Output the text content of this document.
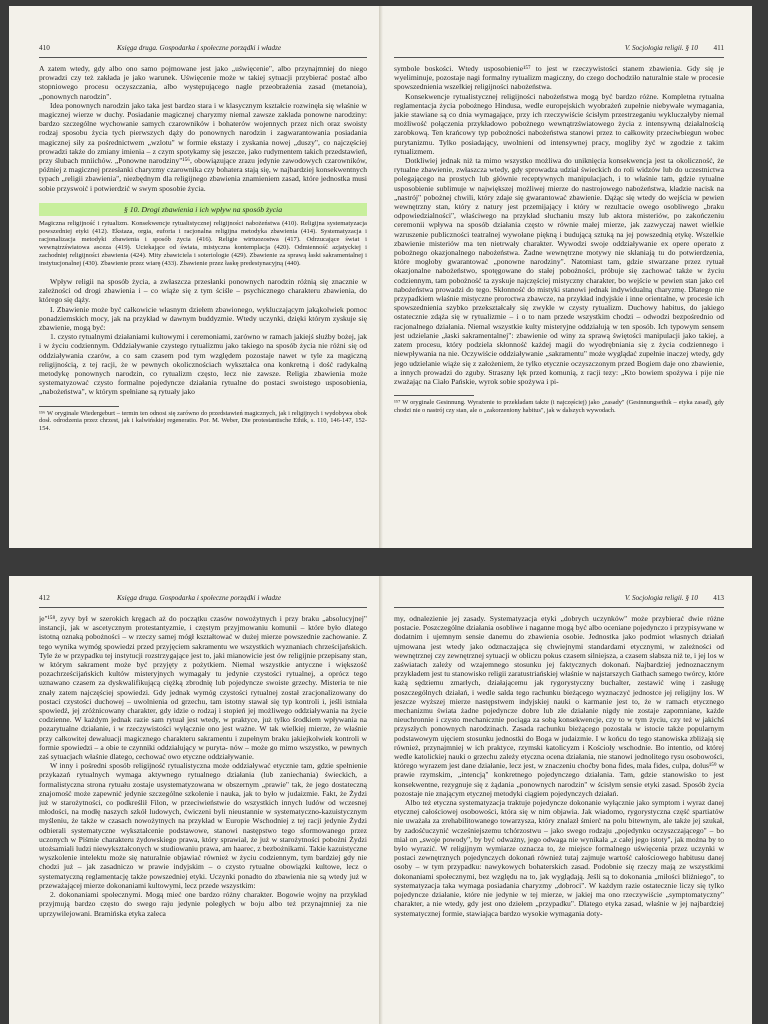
410	Księga druga. Gospodarka i społeczne porządki i władze

A zatem wtedy, gdy albo ono samo pojmowane jest jako „uświęcenie", albo przynajmniej do niego prowadzi czy też zakłada je jako warunek. Uświęcenie może w takiej sytuacji przybierać postać albo stopniowego procesu oczyszczania, albo występującego nagle przeobrażenia zasad (metanoia), „ponownych narodzin".

Idea ponownych narodzin jako taka jest bardzo stara i w klasycznym kształcie rozwinęła się właśnie w magicznej wierze w duchy. Posiadanie magicznej charyzmy niemal zawsze zakłada ponowne narodziny: bardzo szczególne wychowanie samych czarowników i bohaterów wojennych przez nich oraz swoisty rodzaj sposobu życia tych pierwszych dąży do ponownych narodzin i zagwarantowania posiadania magicznej siły za pośrednictwem „wzlotu" w formie ekstazy i zyskania nowej „duszy", co najczęściej prowadzi także do zmiany imienia – z czym spotykamy się jeszcze, jako rudymentem takich przedstawień, przy ślubach mniichów. „Ponowne narodziny"¹⁵⁶, obowiązujące zrazu jedynie zawodowych czarowników, później z magicznej przesłanki charyzmy czarownika czy bohatera stają się, w najbardziej konsekwentnych typach „religii zbawienia", niezbędnym dla religijnego zbawienia znamieniem zasad, które jednostka musi sobie przyswoić i potwierdzić w swym sposobie życia.

§ 10. Drogi zbawienia i ich wpływ na sposób życia
Magiczna religijność i rytualizm. Konsekwencje rytualistycznej religijności nabożeństwa (410). Religijna systematyzacja powszedniej etyki (412). Ekstaza, orgia, euforia i racjonalna religijna metodyka zbawienia (414). Systematyzacja i racjonalizacja metodyki zbawienia i sposób życia (416). Religie wirtuozostwa (417). Odrzucające świat i wewnątrzświatowa asceza (419). Uciekające od świata, mistyczna kontemplacja (420). Odmienność azjatyckiej i zachodniej religijności zbawienia (424). Mity zbawiciela i soteriologie (429). Zbawienie za sprawą łaski sakramentalnej i instytucjonalnej (430). Zbawienie przez wiarę (433). Zbawienie przez łaskę predestynacyjną (440).

Wpływ religii na sposób życia, a zwłaszcza przesłanki ponownych narodzin różnią się znacznie w zależności od drogi zbawienia i – co wiąże się z tym ściśle – psychicznego charakteru zbawienia, do którego się dąży.

I. Zbawienie może być całkowicie własnym dziełem zbawionego, wykluczającym jakąkolwiek pomoc ponadziemskich mocy, jak na przykład w dawnym buddyzmie. Wtedy uczynki, dzięki którym zyskuje się zbawienie, mogą być:

1. czysto rytualnymi działaniami kultowymi i ceremoniami, zarówno w ramach jakiejś służby bożej, jak i w życiu codziennym. Oddziaływanie czystego rytualizmu jako takiego na sposób życia nie różni się od oddziaływania czarów, a co sam czasem pod tym względem pozostaje nawet w tyle za magiczną religijnością, z tej racji, że w pewnych okolicznościach wykształca ona konkretną i dość radykalną metodykę ponownych narodzin, co rytualizm często, lecz nie zawsze. Religia zbawienia może systematyzować czysto formalne pojedyncze działania rytualne do postaci swoistego usposobienia, „nabożeństwa", w którym spełniane są rytuały jako

¹⁵⁶ W oryginale Wiedergeburt – termin ten odnosi się zarówno do przedstawień magicznych, jak i religijnych i wydobywa obok dosł. odrodzenia przez chrzest, jak i kalwińskiej regeneratio. Por. M. Weber, Die protestantische Ethik, s. 110, 146-147, 152-154.
V. Socjologia religii. § 10 411

symbole boskości. Wtedy usposobienie¹⁵⁷ to jest w rzeczywistości stanem zbawienia. Gdy się je wyeliminuje, pozostaje nagi formalny rytualizm magiczny, do czego dochodziło naturalnie stale w procesie spowszednienia wszelkiej religijności nabożeństwa.

Konsekwencje rytualistycznej religijności nabożeństwa mogą być bardzo różne. Kompletna rytualna reglamentacja życia pobożnego Hindusa, wedle europejskich wyobrażeń zupełnie niebywałe wymagania, jakie stawiane są co dnia wymagające, przy ich rzeczywiście ścisłym przestrzeganiu wykluczałyby niemal możliwość połączenia przykładowo pobożnego wewnątrzświatowego życia z intensywną działalnością zarobkową. Ten krańcowy typ pobożności nabożeństwa stanowi przez to całkowity przeciwbiegun wobec purytanizmu. Tylko posiadający, uwolnieni od intensywnej pracy, mogliby żyć w zgodzie z takim rytualizmem.

Dotkliwiej jednak niż ta mimo wszystko możliwa do uniknięcia konsekwencja jest ta okoliczność, że rytualne zbawienie, zwłaszcza wtedy, gdy sprowadza udział świeckich do roli widzów lub do uczestnictwa polegającego na prostych lub głównie receptywnych manipulacjach, i to właśnie tam, gdzie rytualne usposobienie sublimuje w największej możliwej mierze do nastrojowego nabożeństwa, kładzie nacisk na „nastrój" pobożnej chwili, który zdaje się gwarantować zbawienie. Dążąc się wtedy do wejścia w pewien wewnętrzny stan, który z natury jest przemijający i który w rezultacie owego osobliwego „braku odpowiedzialności", właściwego na przykład słuchaniu mszy lub aktora misteriów, po zakończeniu ceremonii wpływa na sposób działania często w równie małej mierze, jak zazwyczaj nawet wielkie wzruszenie publiczności teatralnej wywołane piękną i budującą sztuką na jej powszednią etykę. Wszelkie zbawienie misteriów ma ten nietrwały charakter. Wywodzi swoje oddziaływanie ex opere operato z pobożnego okazjonalnego nabożeństwa. Żadne wewnętrzne motywy nie skłaniają tu do potwierdzenia, które mogłoby gwarantować „ponowne narodziny". Natomiast tam, gdzie stwarzane przez rytuał okazjonalne nabożeństwo, spotęgowane do stałej pobożności, próbuje się zachować także w życiu codziennym, tam pobożność ta zyskuje najczęściej mistyczny charakter, bo wejście w pewien stan jako cel nabożeństwa prowadzi do tego. Skłonność do mistyki stanowi jednak indywidualną charyzmę. Dlatego nie przypadkiem właśnie mistyczne proroctwa zbawcze, na przykład indyjskie i inne orientalne, w procesie ich spowszednienia szybko przekształcały się zwykle w czysty rytualizm. Duchowy habitus, do jakiego ostatecznie zdąża się w rytualizmie – i o to nam przede wszystkim chodzi – odwodzi bezpośrednio od racjonalnego działania. Niemal wszystkie kulty misteryjne oddziałują w ten sposób. Ich typowym sensem jest udzielanie „łaski sakramentalnej": zbawienie od winy za sprawą świętości manipulacji jako takiej, a zatem procesu, który podziela skłonność każdej magii do wyodrębniania się z życia codziennego i niewpływania na nie. Oczywiście oddziaływanie „sakramentu" może wyglądać zupełnie inaczej wtedy, gdy jego udzielanie wiąże się z założeniem, że tylko etycznie oczyszczonym przed Bogiem daje ono zbawienie, a innych prowadzi do zguby. Straszny lęk przed komunią, z racji tezy: „Kto bowiem spożywa i pije nie zważając na Ciało Pańskie, wyrok sobie spożywa i pi-

¹⁵⁷ W oryginale Gesinnung. Wyrażenie to przekładam także (i najczęściej) jako „zasady" (Gesinnungsethik – etyka zasad), gdy chodzi nie o nastrój czy stan, ale o „zakorzeniony habitus", jak w dalszych wywodach.
412	Księga druga. Gospodarka i społeczne porządki i władze

je"¹⁵⁸, zyvy był w szerokich kręgach aż do początku czasów nowożytnych i przy braku „absolucyjnej" instancji, jak w ascetycznym protestantyzmie, i częstym przyjmowaniu komunii – które było dlatego istotną oznaką pobożności – w rzeczy samej mógł kształtować w dużej mierze powszednie zachowanie. Z tego wynika wymóg spowiedzi przed przyjęciem sakramentu we wszystkich wyznaniach chrześcijańskich. Tyle że w przypadku tej instytucji rozstrzygające jest to, jaki mianowicie jest ów religijnie przepisany stan, w którym sakrament może być przyjęty z pożytkiem. Niemal wszystkie antyczne i większość pozachrześcijańskich kultów misteryjnych wymagały tu jedynie czystości rytualnej, a oprócz tego uznawano czasem za dyskwalifikującą ciężką zbrodnię lub pojedyncze swoiste grzechy. Misteria te nie znały zatem najczęściej spowiedzi. Gdy jednak wymóg czystości rytualnej został zracjonalizowany do postaci czystości duchowej – uwolnienia od grzechu, tam istotny stawał się typ kontroli i, jeśli istniała spowiedź, jej zróżnicowany charakter, gdy idzie o rodzaj i stopień jej możliwego oddziaływania na życie codzienne. W każdym jednak razie sam rytuał jest wtedy, w praktyce, już tylko środkiem wpływania na pozarytualne działanie, i w rzeczywistości wyłącznie ono jest ważne. W tak wielkiej mierze, że właśnie przy całkowitej dewaluacji magicznego charakteru sakramentu i zupełnym braku jakiejkolwiek kontroli w formie spowiedzi – a obie te czynniki oddziałujący w puryta- nów – może go mimo wszystko, w pewnych zaś sytuacjach właśnie dlatego, cechować owo etyczne oddziaływanie.

W inny i pośredni sposób religijność rytualistyczna może oddziaływać etycznie tam, gdzie spełnienie przykazań rytualnych wymaga aktywnego rytualnego działania (lub zaniechania) świeckich, a formalistyczna strona rytuału zostaje usystematyzowana w obszernym „prawie" tak, że jego dostateczną znajomość może zapewnić jedynie szczególne szkolenie i nauka, jak to było w judaizmie. Fakt, że Żydzi już w starożytności, co podkreślił Filon, w przeciwieństwie do wszystkich innych ludów od wczesnej młodości, na modłę naszych szkół ludowych, ćwiczeni byli nieustannie w systematyczno-kazuistycznym myśleniu, że także w czasach nowożytnych na przykład w Europie Wschodniej z tej racji jedynie Żydzi odbierali systematyczne wykształcenie podstawowe, stanowi następstwo tego sformowanego przez uczonych w Piśmie charakteru żydowskiego prawa, który sprawiał, że już w starożytności pobożni Żydzi utożsamiali ludzi niewykształconych w studiowaniu prawa, am haarec, z bezbożnikami. Takie kazuistyczne wyszkolenie intelektu może się naturalnie objawiać również w życiu codziennym, tym bardziej gdy nie chodzi już – jak zasadniczo w prawie indyjskim – o czysto rytualne obowiązki kultowe, lecz o systematyczną reglamentację także powszedniej etyki. Uczynki ponadto do zbawienia nie są wtedy już w przeważającej mierze dokonaniami kultowymi, lecz przede wszystkim:

2. dokonaniami społecznymi. Mogą mieć one bardzo różny charakter. Bogowie wojny na przykład przyjmują bardzo często do swego raju jedynie poległych w boju albo też przynajmniej za nie uprzywilejowani. Bramińska etyka zaleca

V. Socjologia religii. § 10 413

my, odnalezienie jej zasady. Systematyzacja etyki „dobrych uczynków" może przybierać dwie różne postacie. Poszczególne działania osobliwe i naganne mogą być albo oceniane pojedynczo i przypisywane w dodatnim i ujemnym sensie danemu do zbawienia osobie. Jednostka jako podmiot własnych działań ujmowana jest wtedy jako odznaczająca się chwiejnymi standardami etycznymi, w zależności od wewnętrznej czy zewnętrznej sytuacji w obliczu pokus czasem silniejsza, a czasem słabsza niż te, i jej los w zaświatach zależy od wzajemnego stosunku jej faktycznych dokonań. Najbardziej jednoznacznym przykładem jest tu stanowisko religii zaratustriańskiej właśnie w najstarszych Gathach samego twórcy, które każą sędziemu zmarłych, działającemu jak rygorystyczny buchalter, zestawić winę i zasługę poszczególnych działań, i wedle salda tego rachunku bieżącego wyznaczyć jednostce jej religijny los. W jeszcze wyższej mierze następstwem indyjskiej nauki o karmanie jest to, że w ramach etycznego mechanizmu świata żadne pojedyncze dobre lub złe działanie nigdy nie zostaje zapomniane, każde nieuchronnie i czysto mechanicznie pociąga za sobą konsekwencje, czy to w tym życiu, czy też w jakichś przyszłych ponownych narodzinach. Zasada rachunku bieżącego pozostała w istocie także popularnym podstawowym ujęciem stosunku jednostki do Boga w judaizmie. I w końcu do tego stanowiska zbliżają się również, przynajmniej w ich praktyce, rzymski katolicyzm i Kościoły wschodnie. Bo intentio, od której wedle katolickiej nauki o grzechu zależy etyczna ocena działania, nie stanowi jednolitego rysu osobowości, którego wyrazem jest dane działanie, lecz jest, w znaczeniu choćby bona fides, mala fides, culpa, dolus¹⁵⁹ w prawie rzymskim, „intencją" konkretnego pojedynczego działania. Tam, gdzie stanowisko to jest konsekwentne, rezygnuje się z żądania „ponownych narodzin" w ścisłym sensie etyki zasad. Sposób życia pozostaje nie znającym etycznej metodyki ciągiem pojedynczych działań.

Albo też etyczna systematyzacja traktuje pojedyncze dokonanie wyłącznie jako symptom i wyraz danej etycznej całościowej osobowości, która się w nim objawia. Jak wiadomo, rygorystyczna część spartiatów nie uważała za zrehabilitowanego towarzysza, który znalazł śmierć na polu bitewnym, ale także jej szukał, by zadośćuczynić wcześniejszemu tchórzostwu – jako swego rodzaju „pojedynku oczyszczającego" – bo miał on „swoje powody", by być odważny, jego odwaga nie wynikała „z całej jego istoty", jak można by to było wyrazić. W religijnym wymiarze oznacza to, że miejsce formalnego uświęcenia przez uczynki w postaci zewnętrznych pojedynczych dokonań również tutaj zajmuje wartość całościowego habitusu danej osoby – w tym przypadku: nawykowych bohaterskich zasad. Podobnie się rzeczy mają ze wszystkimi dokonaniami społecznymi, bez względu na to, jak wyglądają. Jeśli są to dokonania „miłości bliźniego", to systematyzacja taka wymaga posiadania charyzmy „dobroci". W każdym razie ostatecznie liczy się tylko pojedyncze działanie, które nie jedynie w tej mierze, w jakiej ma ono rzeczywiście „symptomatyczny" charakter, a nie wtedy, gdy jest ono dziełem „przypadku". Dlatego etyka zasad, właśnie w jej najbardziej systematycznej formie, stawiająca bardzo wysokie wymagania doty-
